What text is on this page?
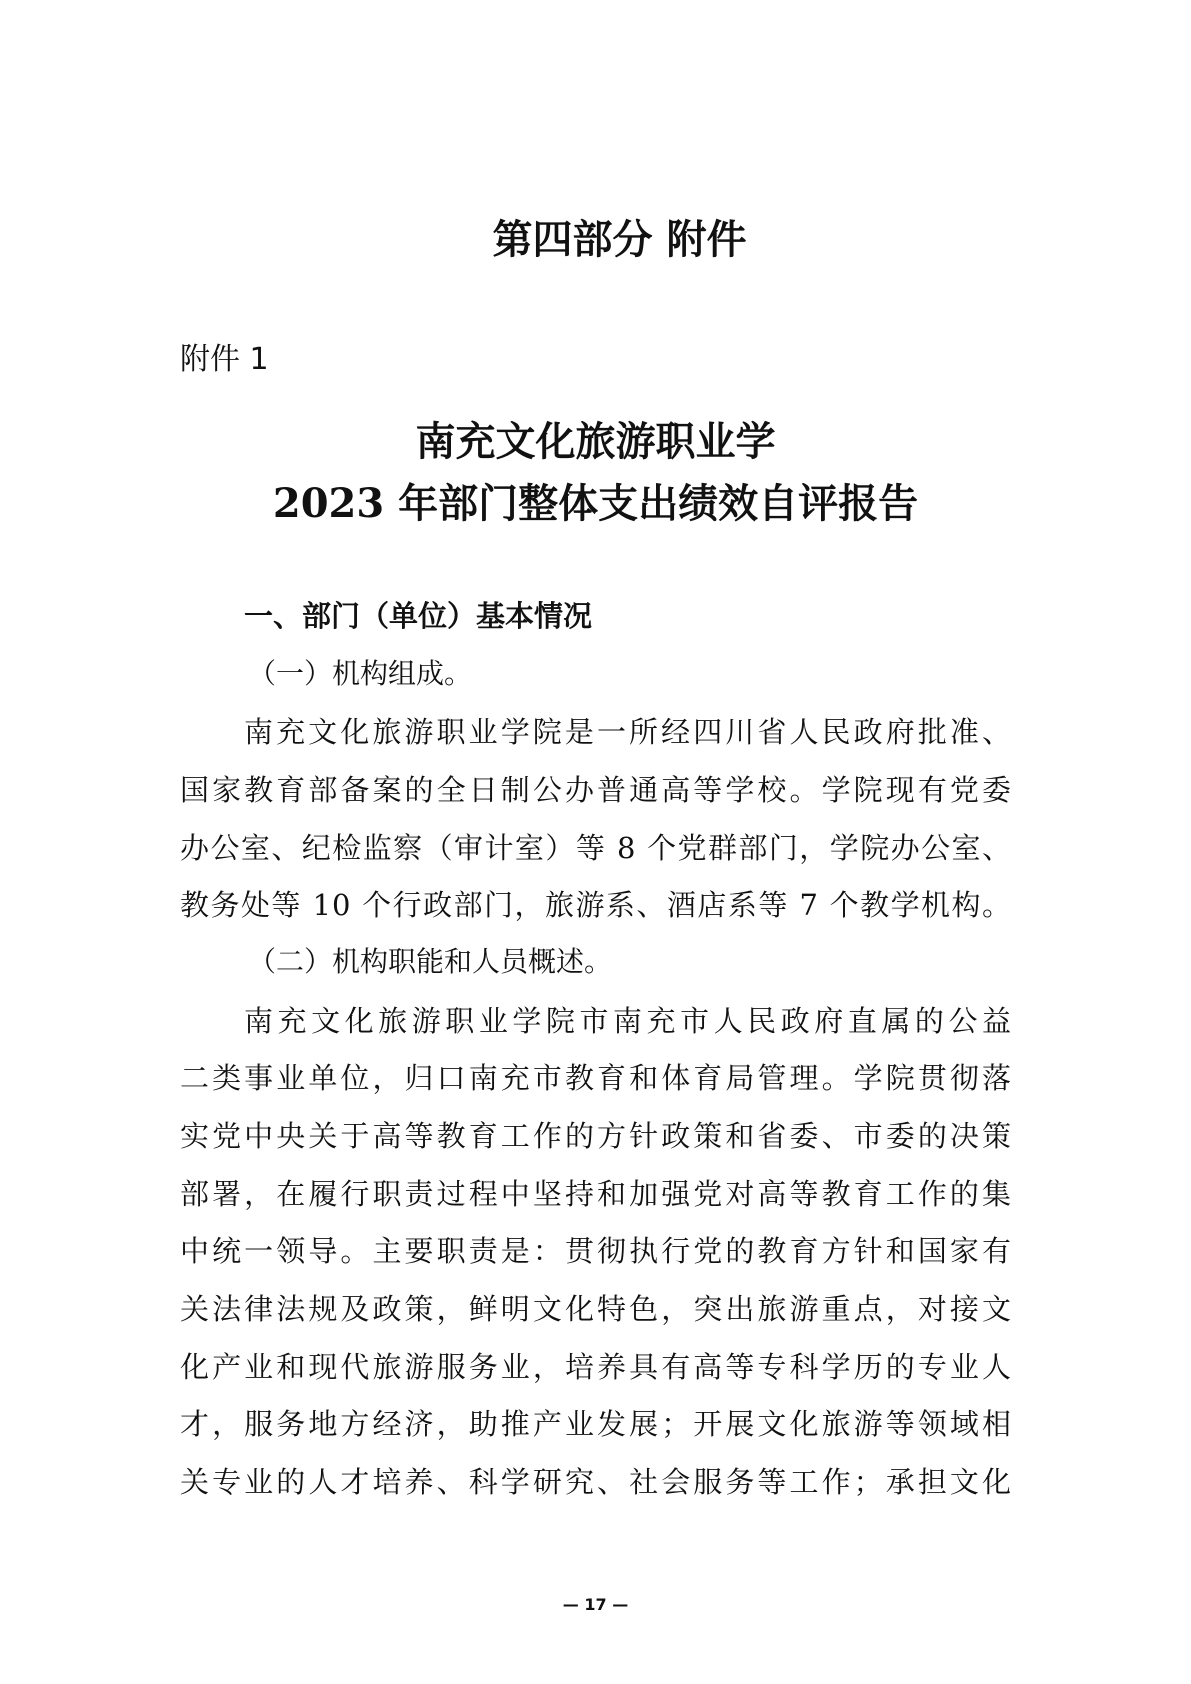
第四部分 附件
附件 1
南充文化旅游职业学
2023 年部门整体支出绩效自评报告
一、部门（单位）基本情况
（一）机构组成。
南充文化旅游职业学院是一所经四川省人民政府批准、
国家教育部备案的全日制公办普通高等学校。学院现有党委
办公室、纪检监察（审计室）等 8 个党群部门，学院办公室、
教务处等 10 个行政部门，旅游系、酒店系等 7 个教学机构。
（二）机构职能和人员概述。
南充文化旅游职业学院市南充市人民政府直属的公益
二类事业单位，归口南充市教育和体育局管理。学院贯彻落
实党中央关于高等教育工作的方针政策和省委、市委的决策
部署，在履行职责过程中坚持和加强党对高等教育工作的集
中统一领导。主要职责是：贯彻执行党的教育方针和国家有
关法律法规及政策，鲜明文化特色，突出旅游重点，对接文
化产业和现代旅游服务业，培养具有高等专科学历的专业人
才，服务地方经济，助推产业发展；开展文化旅游等领域相
关专业的人才培养、科学研究、社会服务等工作；承担文化
— 17 —
